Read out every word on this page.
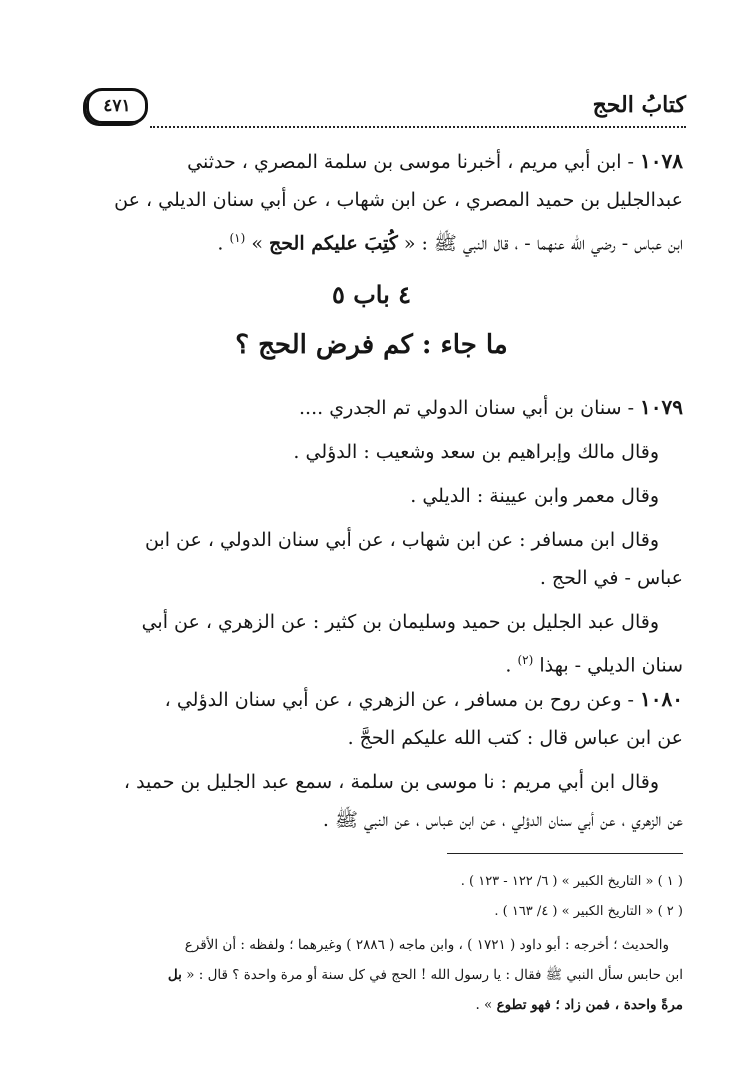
كتابُ الحج
٤٧١
١٠٧٨ - ابن أبي مريم ، أخبرنا موسى بن سلمة المصري ، حدثني
عبدالجليل بن حميد المصري ، عن ابن شهاب ، عن أبي سنان الديلي ، عن
ابن عباس - رضي الله عنهما - ، قال النبي ﷺ : « كُتِبَ عليكم الحج » $^{(١)}$ .
٤ باب ٥
ما جاء : كم فرض الحج ؟
١٠٧٩ - سنان بن أبي سنان الدولي تم الجدري ....
وقال مالك وإبراهيم بن سعد وشعيب : الدؤلي .
وقال معمر وابن عيينة : الديلي .
وقال ابن مسافر : عن ابن شهاب ، عن أبي سنان الدولي ، عن ابن
عباس - في الحج .
وقال عبد الجليل بن حميد وسليمان بن كثير : عن الزهري ، عن أبي
سنان الديلي - بهذا $^{(٢)}$ .
١٠٨٠ - وعن روح بن مسافر ، عن الزهري ، عن أبي سنان الدؤلي ،
عن ابن عباس قال : كتب الله عليكم الحجَّ .
وقال ابن أبي مريم : نا موسى بن سلمة ، سمع عبد الجليل بن حميد ،
عن الزهري ، عن أبي سنان الدؤلي ، عن ابن عباس ، عن النبي ﷺ .
( ١ ) « التاريخ الكبير » ( ٦/ ١٢٢ - ١٢٣ ) .
( ٢ ) « التاريخ الكبير » ( ٤/ ١٦٣ ) .
والحديث ؛ أخرجه : أبو داود ( ١٧٢١ ) ، وابن ماجه ( ٢٨٨٦ ) وغيرهما ؛ ولفظه : أن الأقرع
ابن حابس سأل النبي ﷺ فقال : يا رسول الله ! الحج في كل سنة أو مرة واحدة ؟ قال : « بل
مرةً واحدة ، فمن زاد ؛ فهو تطوع » .
